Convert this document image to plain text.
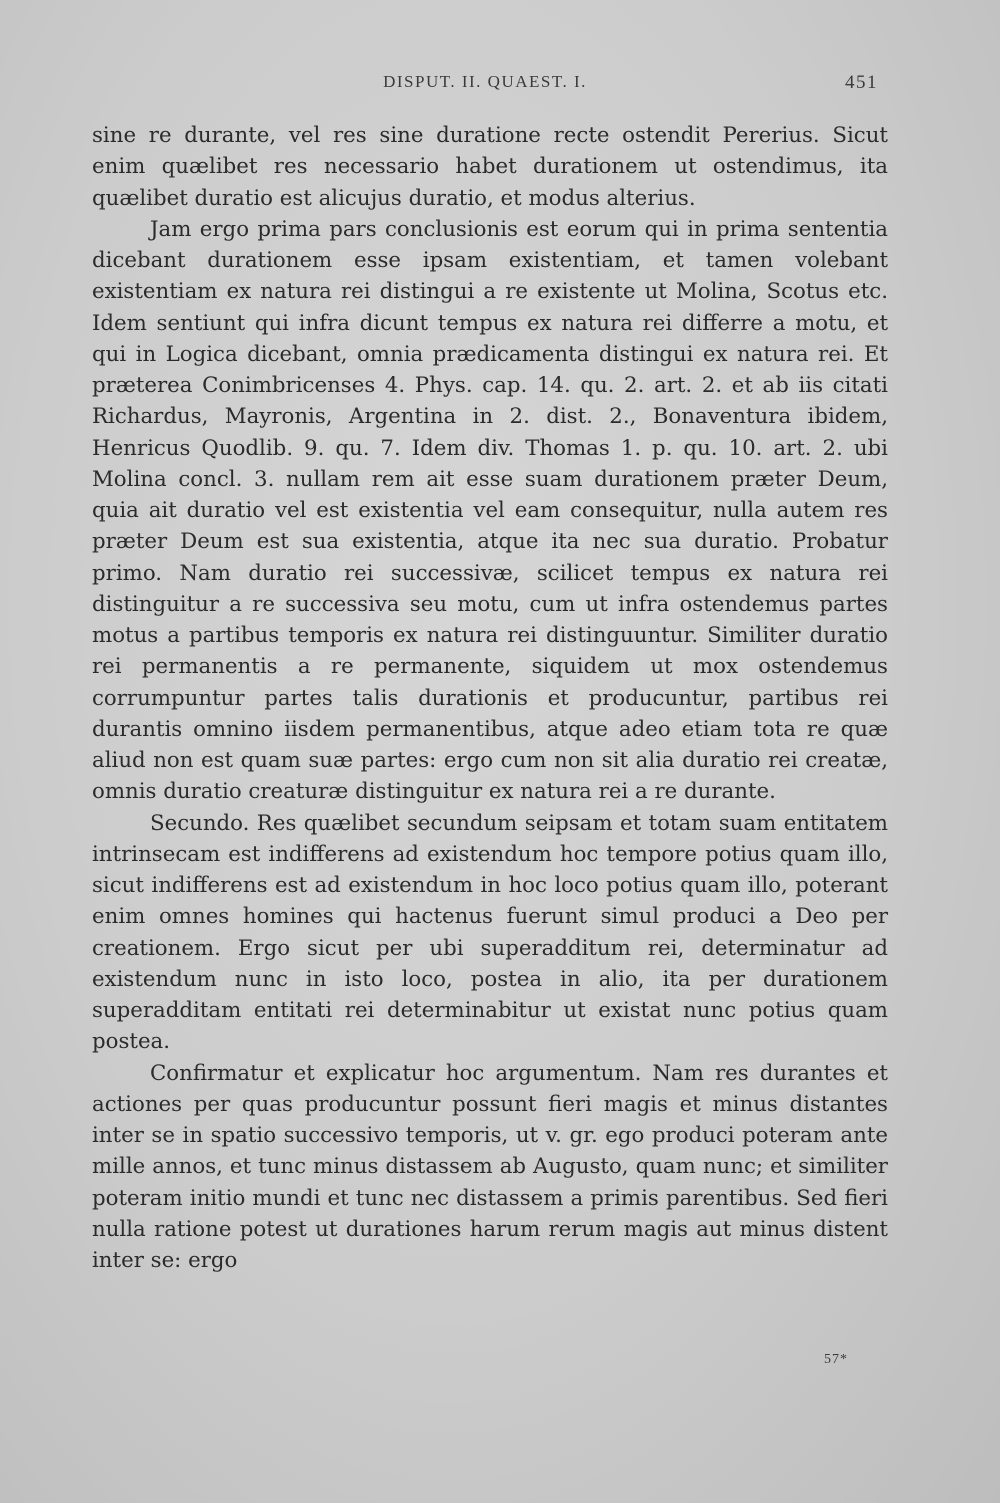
DISPUT. II. QUAEST. I.	451

sine re durante, vel res sine duratione recte ostendit Pererius. Sicut enim quælibet res necessario habet durationem ut ostendimus, ita quælibet duratio est alicujus duratio, et modus alterius.

Jam ergo prima pars conclusionis est eorum qui in prima sententia dicebant durationem esse ipsam existentiam, et tamen volebant existentiam ex natura rei distingui a re existente ut Molina, Scotus etc. Idem sentiunt qui infra dicunt tempus ex natura rei differre a motu, et qui in Logica dicebant, omnia prædicamenta distingui ex natura rei. Et præterea Conimbricenses 4. Phys. cap. 14. qu. 2. art. 2. et ab iis citati Richardus, Mayronis, Argentina in 2. dist. 2., Bonaventura ibidem, Henricus Quodlib. 9. qu. 7. Idem div. Thomas 1. p. qu. 10. art. 2. ubi Molina concl. 3. nullam rem ait esse suam durationem præter Deum, quia ait duratio vel est existentia vel eam consequitur, nulla autem res præter Deum est sua existentia, atque ita nec sua duratio. Probatur primo. Nam duratio rei successivæ, scilicet tempus ex natura rei distinguitur a re successiva seu motu, cum ut infra ostendemus partes motus a partibus temporis ex natura rei distinguuntur. Similiter duratio rei permanentis a re permanente, siquidem ut mox ostendemus corrumpuntur partes talis durationis et producuntur, partibus rei durantis omnino iisdem permanentibus, atque adeo etiam tota re quæ aliud non est quam suæ partes: ergo cum non sit alia duratio rei creatæ, omnis duratio creaturæ distinguitur ex natura rei a re durante.

Secundo. Res quælibet secundum seipsam et totam suam entitatem intrinsecam est indifferens ad existendum hoc tempore potius quam illo, sicut indifferens est ad existendum in hoc loco potius quam illo, poterant enim omnes homines qui hactenus fuerunt simul produci a Deo per creationem. Ergo sicut per ubi superadditum rei, determinatur ad existendum nunc in isto loco, postea in alio, ita per durationem superadditam entitati rei determinabitur ut existat nunc potius quam postea.

Confirmatur et explicatur hoc argumentum. Nam res durantes et actiones per quas producuntur possunt fieri magis et minus distantes inter se in spatio successivo temporis, ut v. gr. ego produci poteram ante mille annos, et tunc minus distassem ab Augusto, quam nunc; et similiter poteram initio mundi et tunc nec distassem a primis parentibus. Sed fieri nulla ratione potest ut durationes harum rerum magis aut minus distent inter se: ergo

57*
